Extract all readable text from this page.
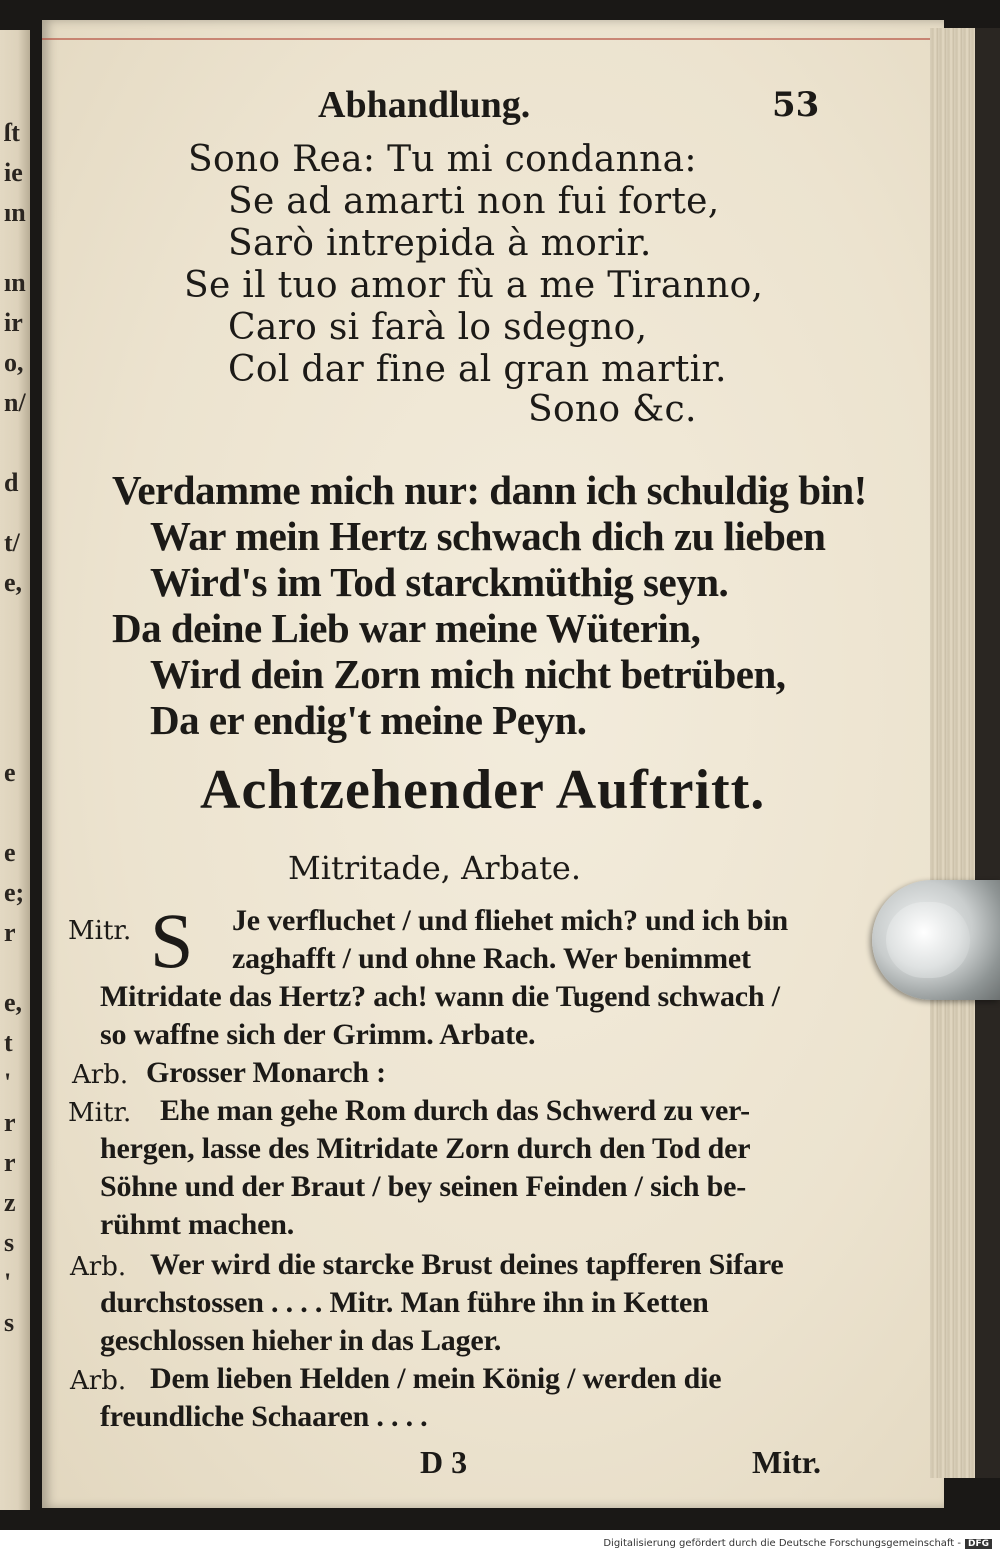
Abhandlung.	53
Sono Rea: Tu mi condanna:
Se ad amarti non fui forte,
Sarò intrepida à morir.
Se il tuo amor fù a me Tiranno,
Caro si farà lo sdegno,
Col dar fine al gran martir.
Sono &c.
Verdamme mich nur: dann ich schuldig bin!
War mein Hertz schwach dich zu lieben
Wird's im Tod starckmüthig seyn.
Da deine Lieb war meine Wüterin,
Wird dein Zorn mich nicht betrüben,
Da er endig't meine Peyn.
Achtzehender Auftritt.
Mitritade, Arbate.
Mitr. S Je verfluchet / und fliehet mich? und ich bin
zaghafft / und ohne Rach. Wer benimmet
Mitridate das Hertz? ach! wann die Tugend schwach /
so waffne sich der Grimm. Arbate.
Arb. Grosser Monarch :
Mitr. Ehe man gehe Rom durch das Schwerd zu ver-
hergen, lasse des Mitridate Zorn durch den Tod der
Söhne und der Braut / bey seinen Feinden / sich be-
rühmt machen.
Arb. Wer wird die starcke Brust deines tapfferen Sifare
durchstossen . . . . Mitr. Man führe ihn in Ketten
geschlossen hieher in das Lager.
Arb. Dem lieben Helden / mein König / werden die
freundliche Schaaren . . . .
D 3	Mitr.
ſt
ie
ın
ın
ir
o,
n/
d
t/
e,
e
e
e;
r
e,
t
'
r
r
z
s
'
s
Digitalisierung gefördert durch die Deutsche Forschungsgemeinschaft - DFG
